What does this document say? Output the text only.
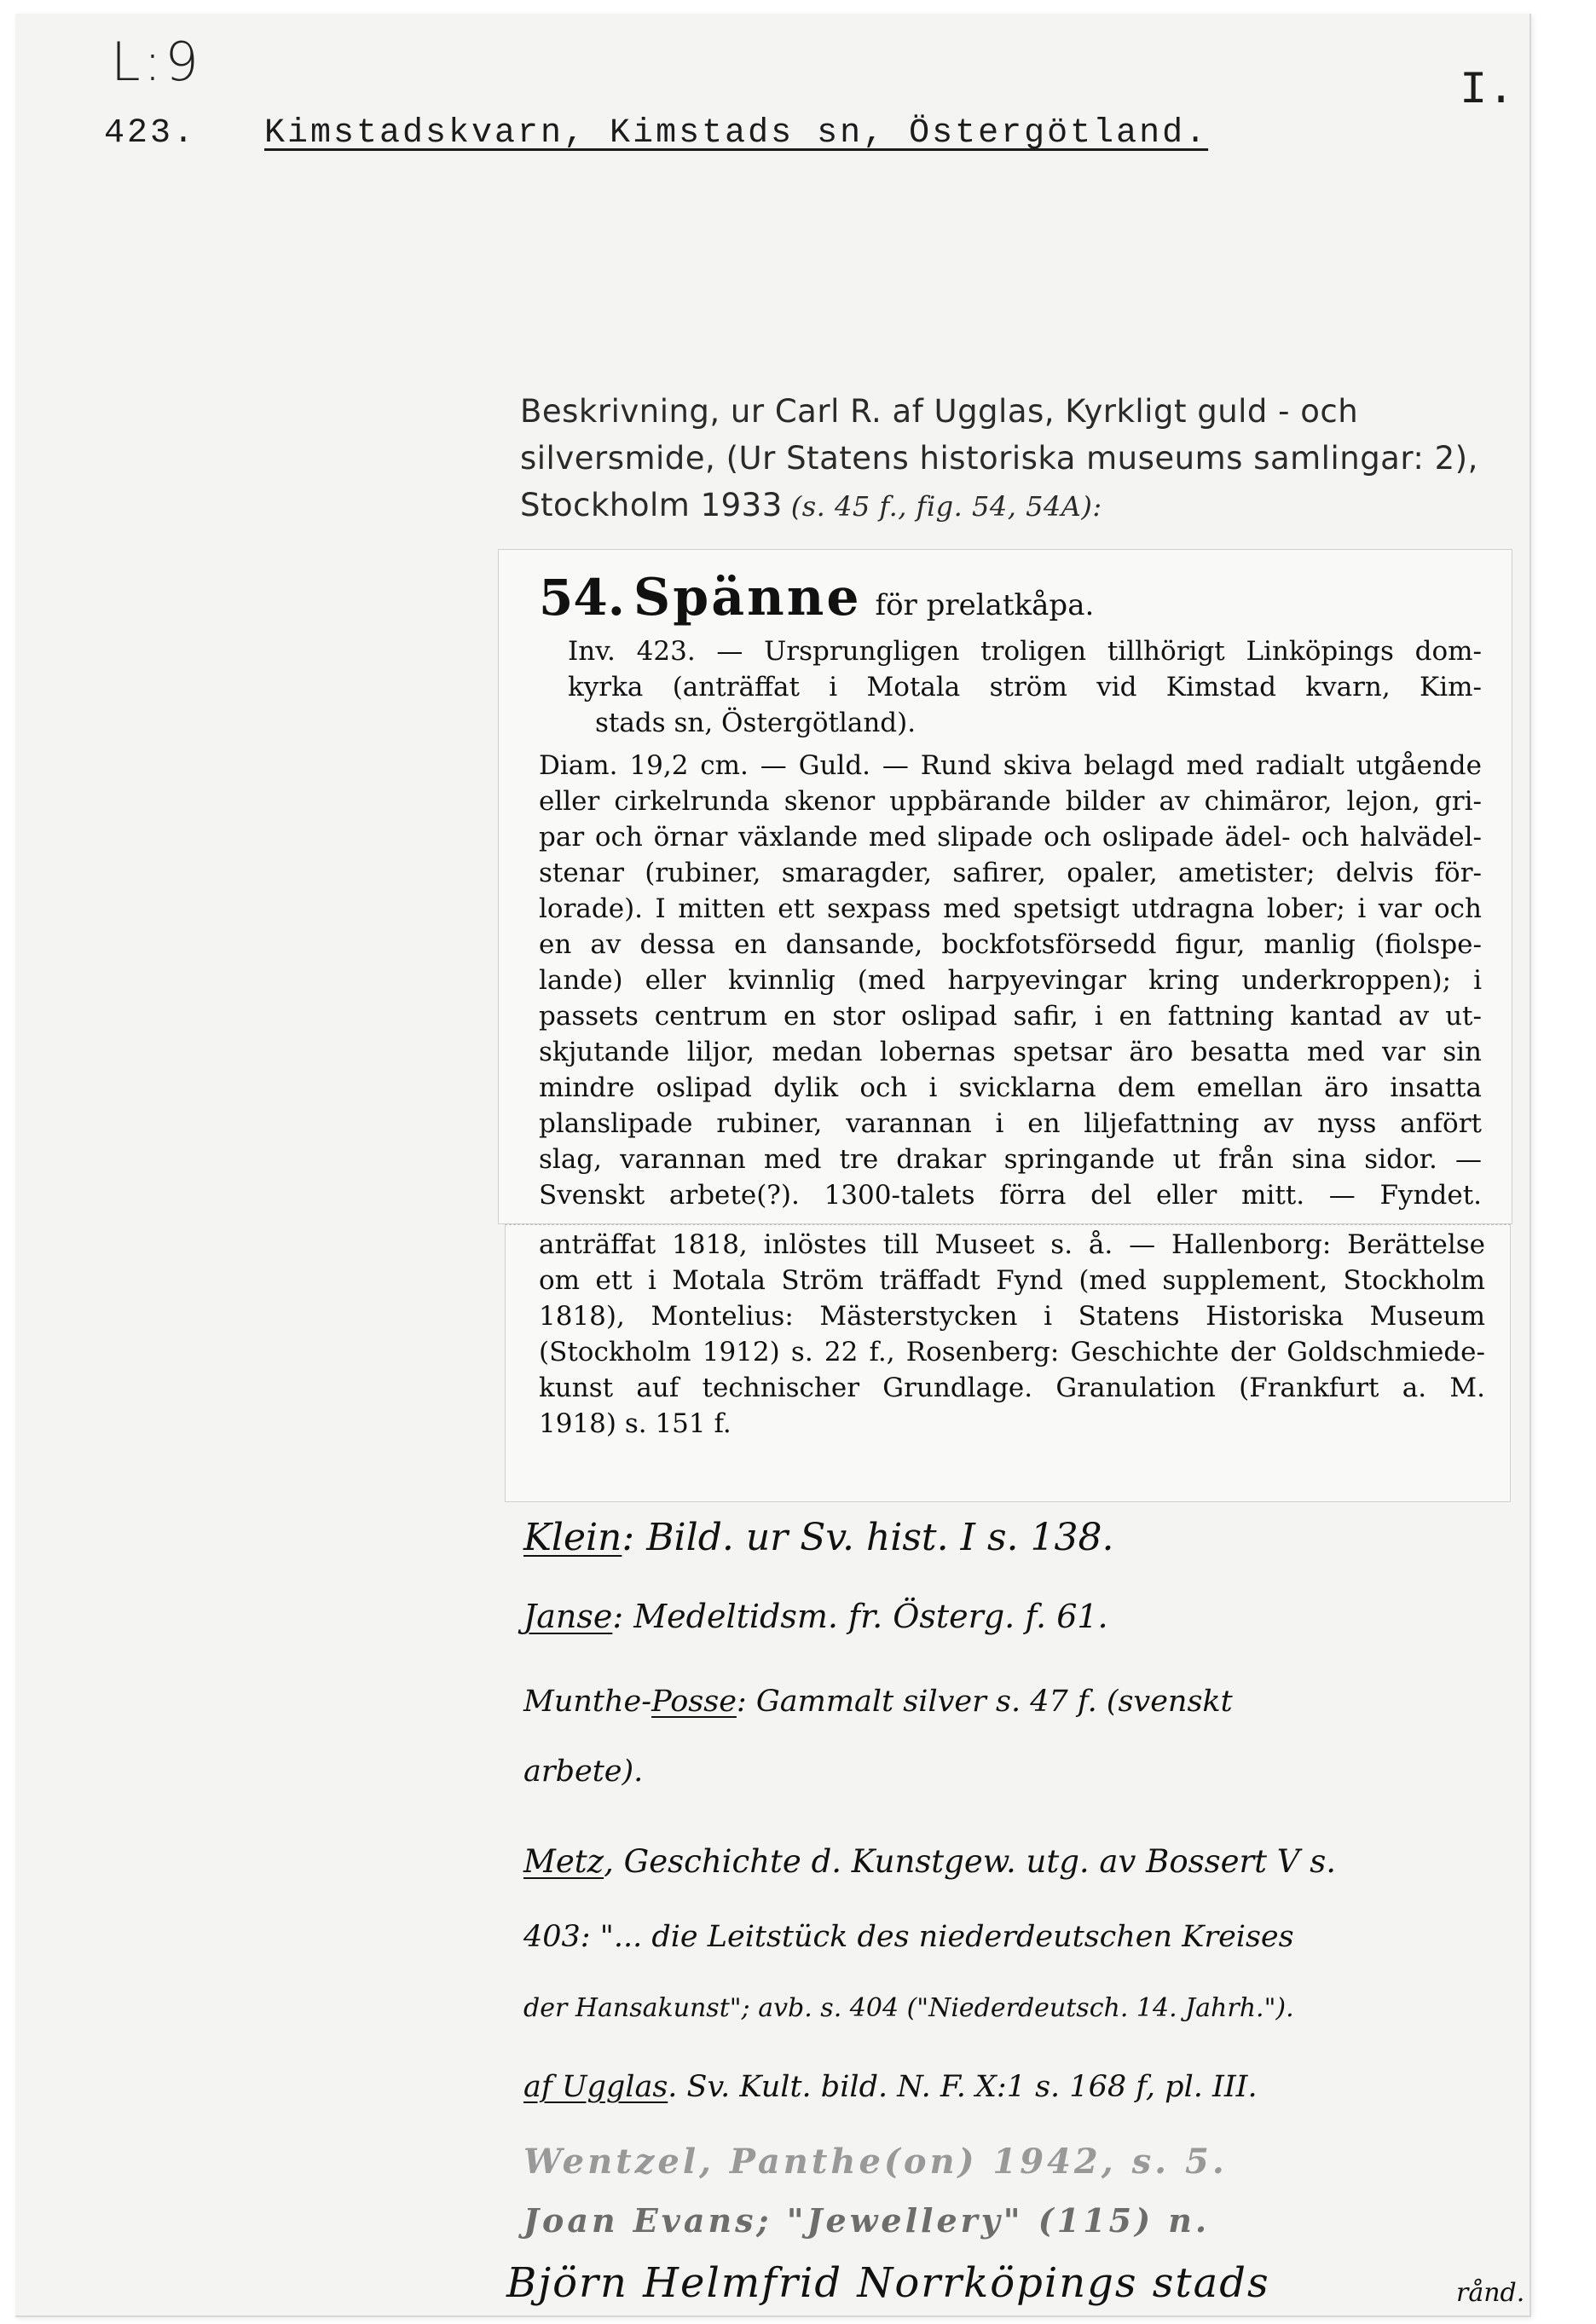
L:9	I.
423. Kimstadskvarn, Kimstads sn, Östergötland.
Beskrivning, ur Carl R. af Ugglas, Kyrkligt guld - och
silversmide, (Ur Statens historiska museums samlingar: 2),
Stockholm 1933 (s. 45 f., fig. 54, 54A):
54. Spänne för prelatkåpa.
Inv. 423. — Ursprungligen troligen tillhörigt Linköpings dom-
kyrka (anträffat i Motala ström vid Kimstad kvarn, Kim-
stads sn, Östergötland).
Diam. 19,2 cm. — Guld. — Rund skiva belagd med radialt utgående
eller cirkelrunda skenor uppbärande bilder av chimäror, lejon, gri-
par och örnar växlande med slipade och oslipade ädel- och halvädel-
stenar (rubiner, smaragder, safirer, opaler, ametister; delvis för-
lorade). I mitten ett sexpass med spetsigt utdragna lober; i var och
en av dessa en dansande, bockfotsförsedd figur, manlig (fiolspe-
lande) eller kvinnlig (med harpyevingar kring underkroppen); i
passets centrum en stor oslipad safir, i en fattning kantad av ut-
skjutande liljor, medan lobernas spetsar äro besatta med var sin
mindre oslipad dylik och i svicklarna dem emellan äro insatta
planslipade rubiner, varannan i en liljefattning av nyss anfört
slag, varannan med tre drakar springande ut från sina sidor. —
Svenskt arbete(?). 1300-talets förra del eller mitt. — Fyndet.
anträffat 1818, inlöstes till Museet s. å. — Hallenborg: Berättelse
om ett i Motala Ström träffadt Fynd (med supplement, Stockholm
1818), Montelius: Mästerstycken i Statens Historiska Museum
(Stockholm 1912) s. 22 f., Rosenberg: Geschichte der Goldschmiede-
kunst auf technischer Grundlage. Granulation (Frankfurt a. M.
1918) s. 151 f.
Klein: Bild. ur Sv. hist. I s. 138.
Janse: Medeltidsm. fr. Österg. f. 61.
Munthe-Posse: Gammalt silver s. 47 f. (svenskt
arbete).
Metz, Geschichte d. Kunstgew. utg. av Bossert V s.
403: "... die Leitstück des niederdeutschen Kreises
der Hansakunst"; avb. s. 404 ("Niederdeutsch. 14. Jahrh.").
af Ugglas. Sv. Kult. bild. N. F. X:1 s. 168 f, pl. III.
Wentzel, Panthe(on) 1942, s. 5.
Joan Evans; "Jewellery" (115) n.
Björn Helmfrid Norrköpings stads	rånd.
